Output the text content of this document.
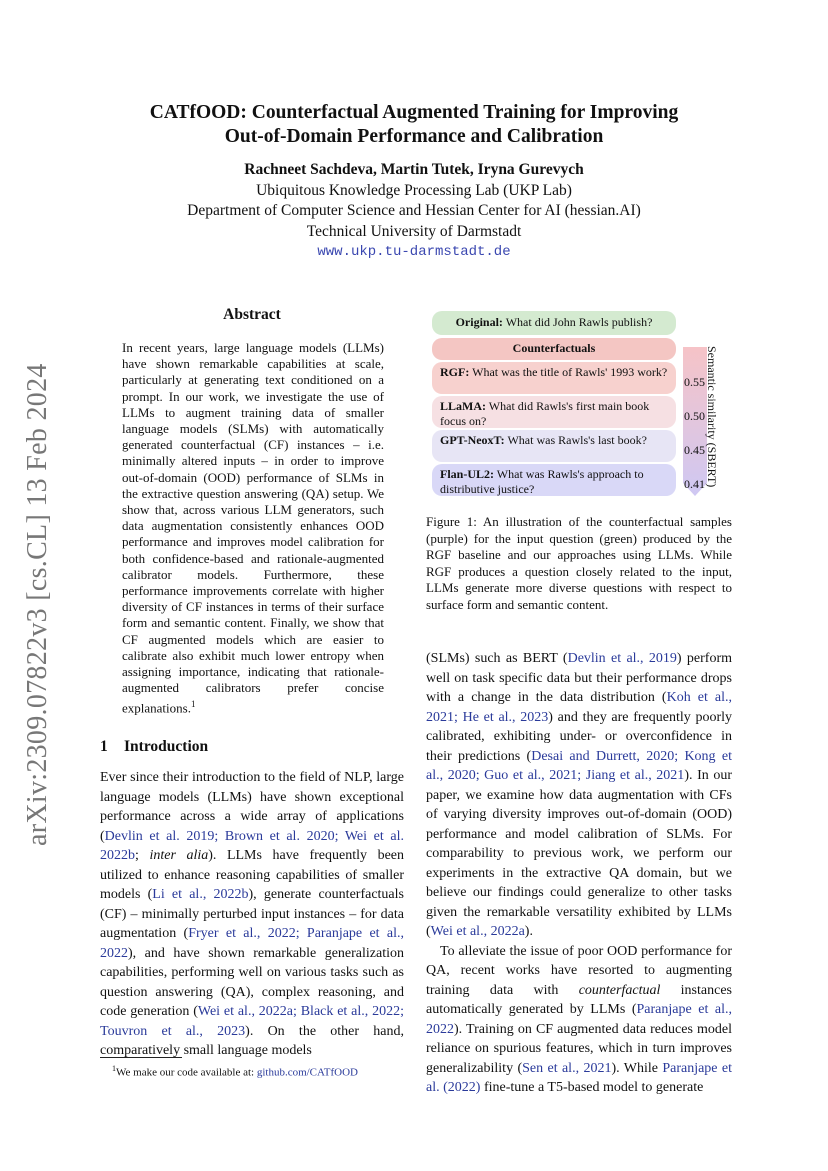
CATfOOD: Counterfactual Augmented Training for Improving
Out-of-Domain Performance and Calibration
Rachneet Sachdeva, Martin Tutek, Iryna Gurevych
Ubiquitous Knowledge Processing Lab (UKP Lab)
Department of Computer Science and Hessian Center for AI (hessian.AI)
Technical University of Darmstadt
www.ukp.tu-darmstadt.de
arXiv:2309.07822v3 [cs.CL] 13 Feb 2024
Abstract
In recent years, large language models (LLMs) have shown remarkable capabilities at scale, particularly at generating text conditioned on a prompt. In our work, we investigate the use of LLMs to augment training data of smaller language models (SLMs) with automatically generated counterfactual (CF) instances – i.e. minimally altered inputs – in order to improve out-of-domain (OOD) performance of SLMs in the extractive question answering (QA) setup. We show that, across various LLM generators, such data augmentation consistently enhances OOD performance and improves model calibration for both confidence-based and rationale-augmented calibrator models. Furthermore, these performance improvements correlate with higher diversity of CF instances in terms of their surface form and semantic content. Finally, we show that CF augmented models which are easier to calibrate also exhibit much lower entropy when assigning importance, indicating that rationale-augmented calibrators prefer concise explanations.$^1$
1 Introduction
Ever since their introduction to the field of NLP, large language models (LLMs) have shown exceptional performance across a wide array of applications (Devlin et al. 2019; Brown et al. 2020; Wei et al. 2022b; inter alia). LLMs have frequently been utilized to enhance reasoning capabilities of smaller models (Li et al., 2022b), generate counterfactuals (CF) – minimally perturbed input instances – for data augmentation (Fryer et al., 2022; Paranjape et al., 2022), and have shown remarkable generalization capabilities, performing well on various tasks such as question answering (QA), complex reasoning, and code generation (Wei et al., 2022a; Black et al., 2022; Touvron et al., 2023). On the other hand, comparatively small language models
$^1$We make our code available at: github.com/CATfOOD
Original: What did John Rawls publish?
Counterfactuals
RGF: What was the title of Rawls' 1993 work?
LLaMA: What did Rawls's first main book focus on?
GPT-NeoxT: What was Rawls's last book?
Flan-UL2: What was Rawls's approach to distributive justice?
0.55
0.50
0.45
0.41 Semantic similarity (SBERT)
Figure 1: An illustration of the counterfactual samples (purple) for the input question (green) produced by the RGF baseline and our approaches using LLMs. While RGF produces a question closely related to the input, LLMs generate more diverse questions with respect to surface form and semantic content.

(SLMs) such as BERT (Devlin et al., 2019) perform well on task specific data but their performance drops with a change in the data distribution (Koh et al., 2021; He et al., 2023) and they are frequently poorly calibrated, exhibiting under- or overconfidence in their predictions (Desai and Durrett, 2020; Kong et al., 2020; Guo et al., 2021; Jiang et al., 2021). In our paper, we examine how data augmentation with CFs of varying diversity improves out-of-domain (OOD) performance and model calibration of SLMs. For comparability to previous work, we perform our experiments in the extractive QA domain, but we believe our findings could generalize to other tasks given the remarkable versatility exhibited by LLMs (Wei et al., 2022a).

To alleviate the issue of poor OOD performance for QA, recent works have resorted to augmenting training data with counterfactual instances automatically generated by LLMs (Paranjape et al., 2022). Training on CF augmented data reduces model reliance on spurious features, which in turn improves generalizability (Sen et al., 2021). While Paranjape et al. (2022) fine-tune a T5-based model to generate
